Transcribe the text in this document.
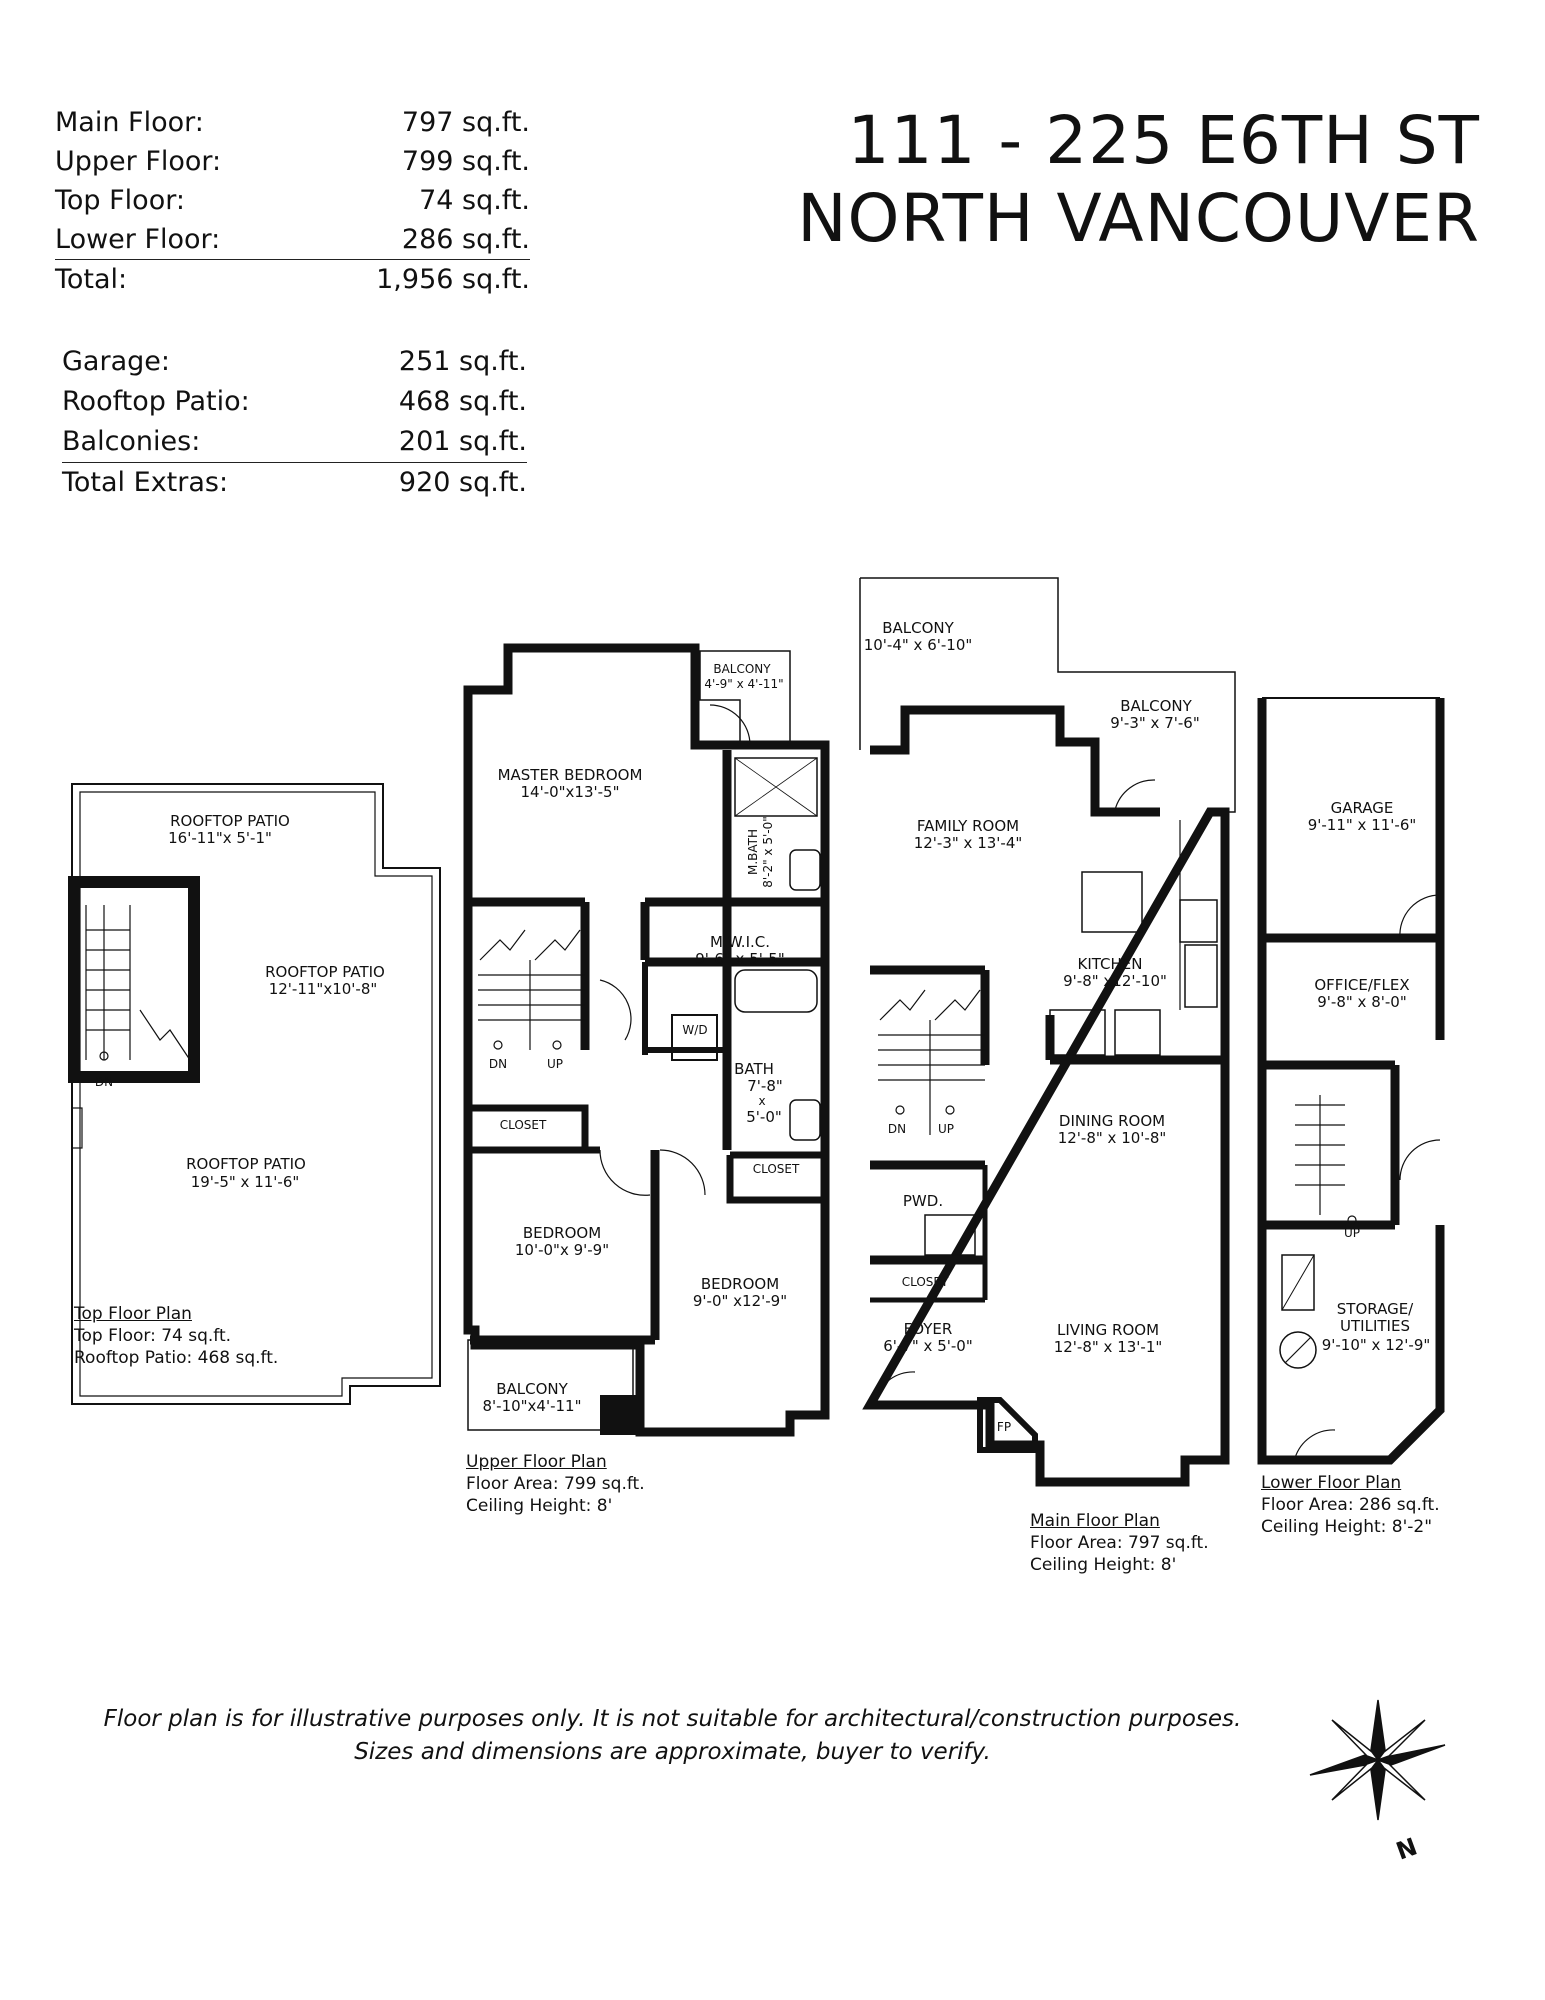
Main Floor:	797 sq.ft.
Upper Floor:	799 sq.ft.
Top Floor:	74 sq.ft.
Lower Floor:	286 sq.ft.
Total:	1,956 sq.ft.
Garage:	251 sq.ft.
Rooftop Patio:	468 sq.ft.
Balconies:	201 sq.ft.
Total Extras:	920 sq.ft.
111 - 225 E6TH ST
NORTH VANCOUVER
ROOFTOP PATIO
16'-11"x 5'-1"
ROOFTOP PATIO
12'-11"x10'-8"
ROOFTOP PATIO
19'-5" x 11'-6"
DN
BALCONY
4'-9" x 4'-11"
MASTER BEDROOM
14'-0"x13'-5"
M.BATH 8'-2" x 5'-0"
M.W.I.C.
9'-6" x 5'-5"
W/D
BATH
7'-8"
x
5'-0"
CLOSET
CLOSET
BEDROOM
10'-0"x 9'-9"
BEDROOM
9'-0" x12'-9"
BALCONY
8'-10"x4'-11"
DN	UP
BALCONY
10'-4" x 6'-10"
BALCONY
9'-3" x 7'-6"
FAMILY ROOM
12'-3" x 13'-4"
KITCHEN
9'-8" x12'-10"
DINING ROOM
12'-8" x 10'-8"
PWD.
CLOSET
FOYER
6'-7" x 5'-0"
LIVING ROOM
12'-8" x 13'-1"
FP
DN	UP
GARAGE
9'-11" x 11'-6"
OFFICE/FLEX
9'-8" x 8'-0"
STORAGE/
UTILITIES
9'-10" x 12'-9"
UP
N
Top Floor Plan
Top Floor: 74 sq.ft.
Rooftop Patio: 468 sq.ft.
Upper Floor Plan
Floor Area: 799 sq.ft.
Ceiling Height: 8'
Main Floor Plan
Floor Area: 797 sq.ft.
Ceiling Height: 8'
Lower Floor Plan
Floor Area: 286 sq.ft.
Ceiling Height: 8'-2"
Floor plan is for illustrative purposes only. It is not suitable for architectural/construction purposes.
Sizes and dimensions are approximate, buyer to verify.
